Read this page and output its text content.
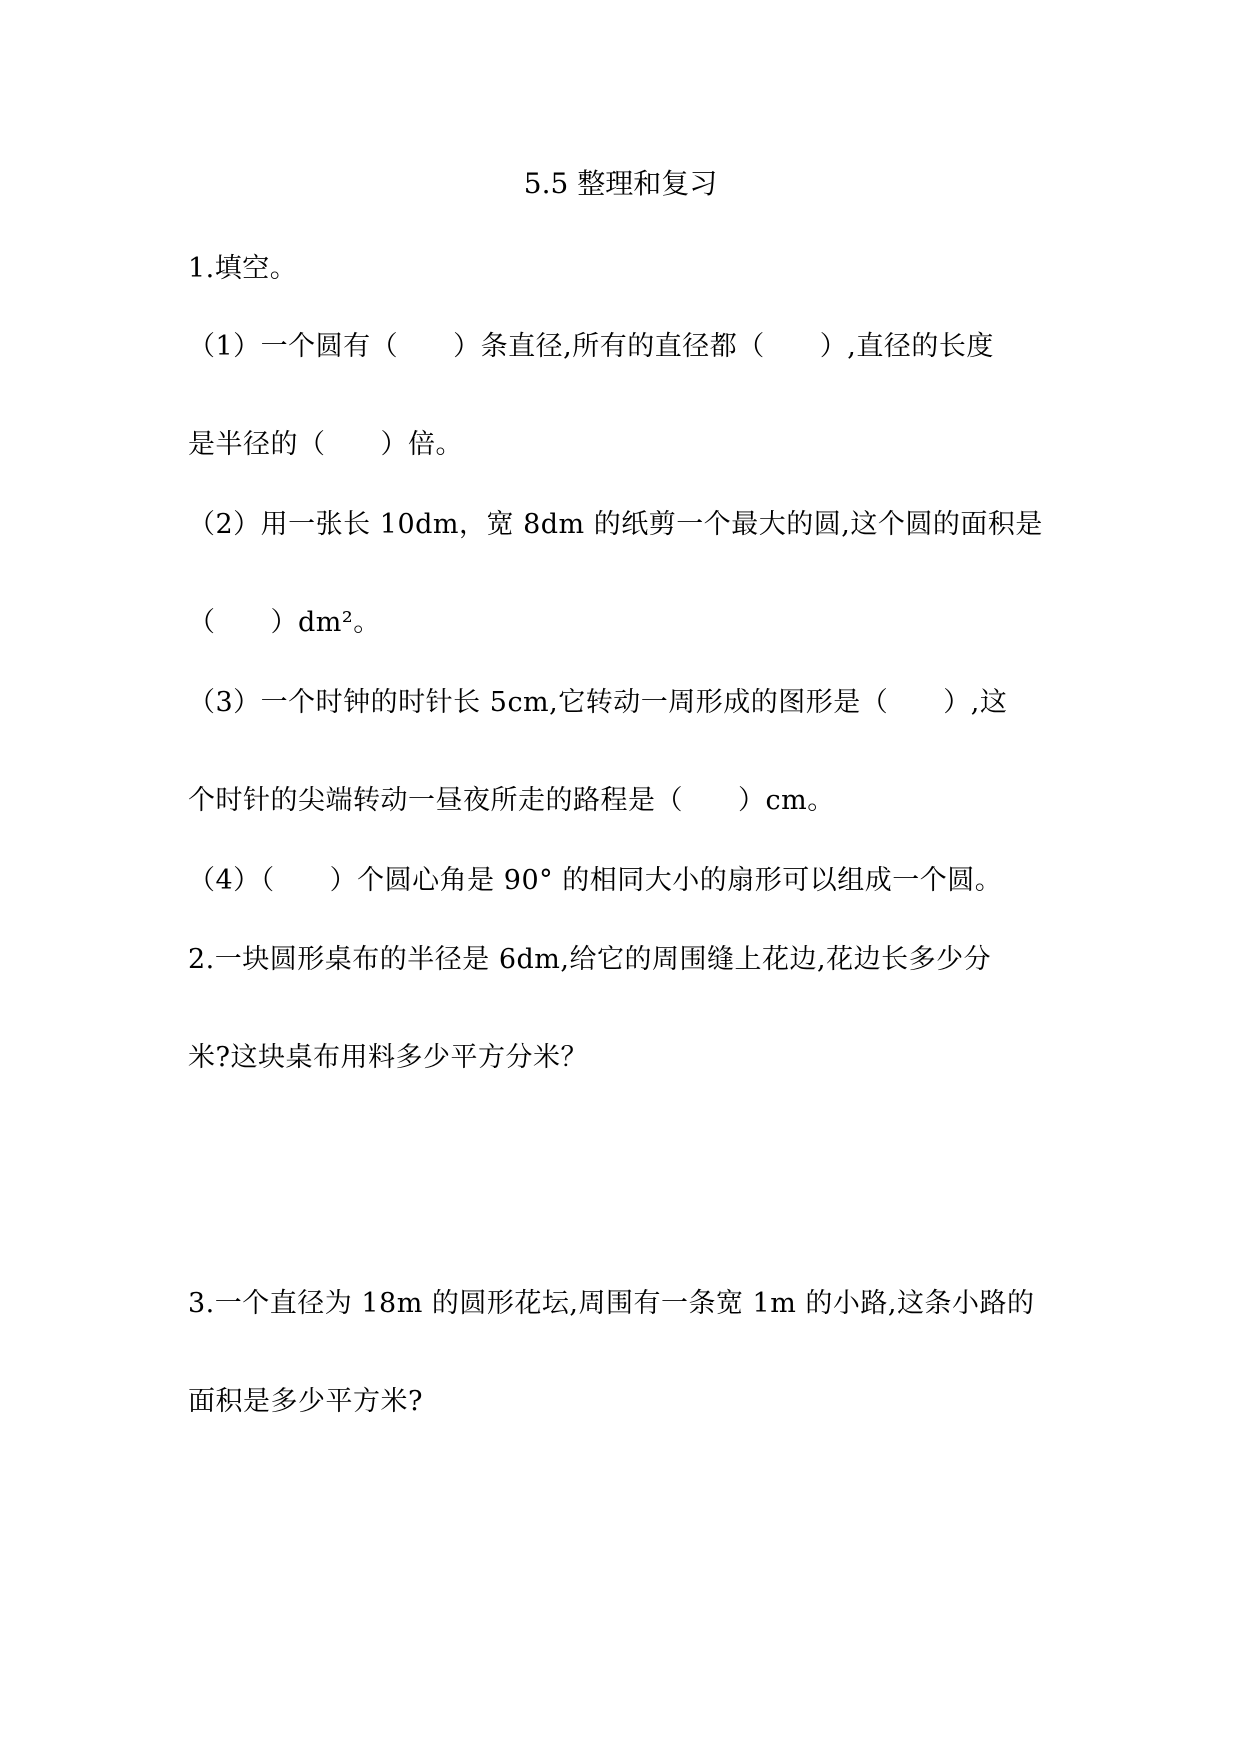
5.5 整理和复习
1.填空。
（1）一个圆有（　　）条直径,所有的直径都（　　）,直径的长度
是半径的（　　）倍。
（2）用一张长 10dm，宽 8dm 的纸剪一个最大的圆,这个圆的面积是
（　　）dm²。
（3）一个时钟的时针长 5cm,它转动一周形成的图形是（　　）,这
个时针的尖端转动一昼夜所走的路程是（　　）cm。
（4）（　　）个圆心角是 90° 的相同大小的扇形可以组成一个圆。
2.一块圆形桌布的半径是 6dm,给它的周围缝上花边,花边长多少分
米?这块桌布用料多少平方分米？
3.一个直径为 18m 的圆形花坛,周围有一条宽 1m 的小路,这条小路的
面积是多少平方米?
